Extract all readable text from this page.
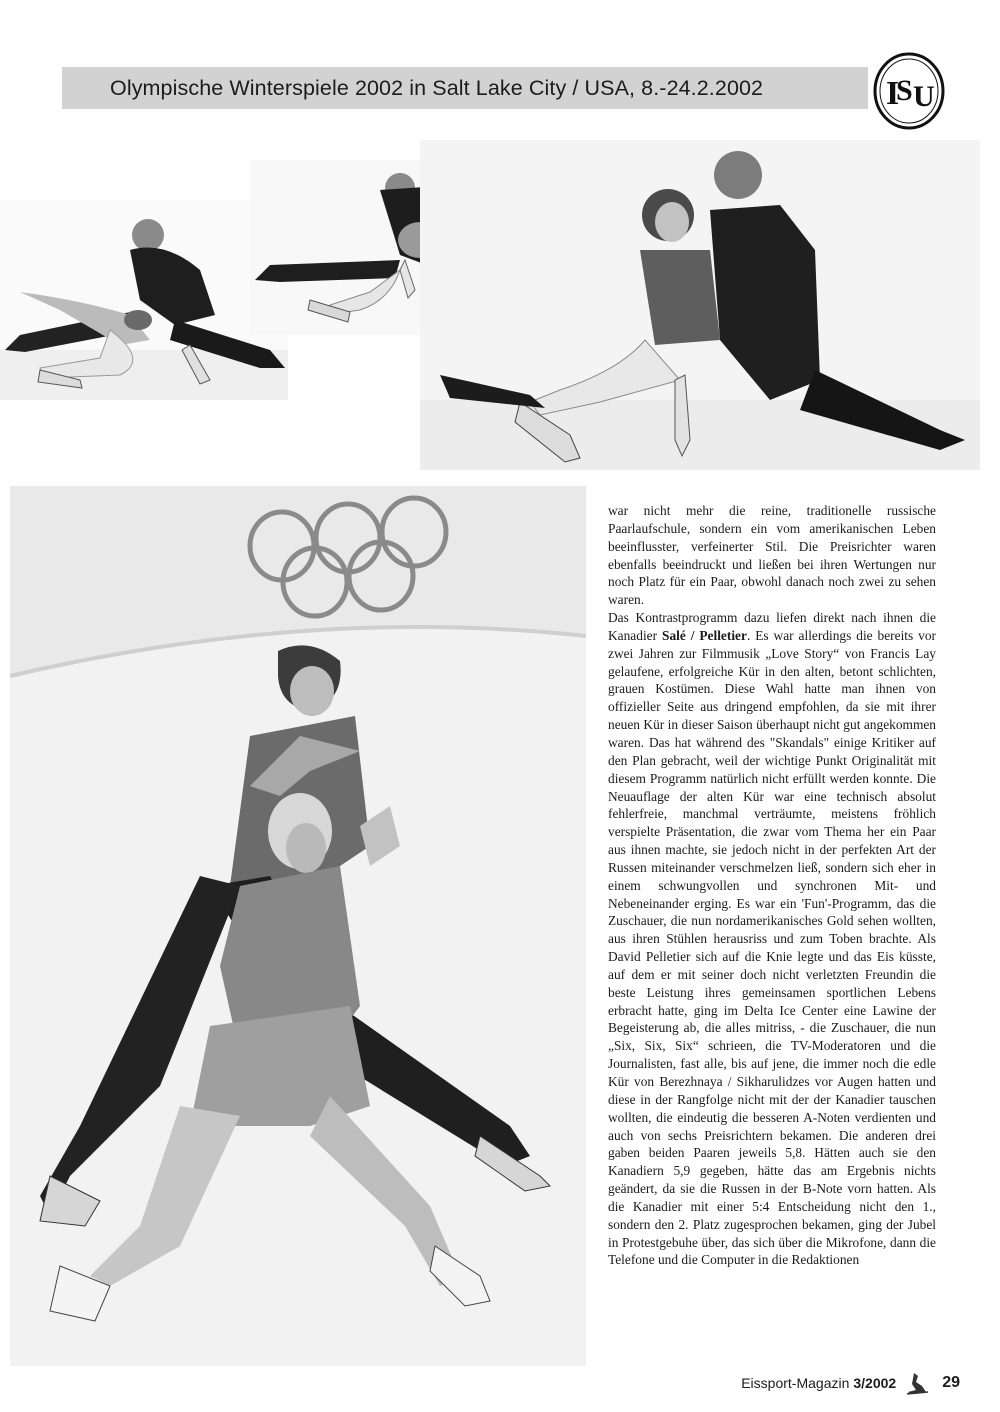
Olympische Winterspiele 2002 in Salt Lake City / USA, 8.-24.2.2002	I
S U

war nicht mehr die reine, traditionelle russische Paarlaufschule, sondern ein vom amerikanischen Leben beeinflusster, verfeinerter Stil. Die Preisrichter waren ebenfalls beeindruckt und ließen bei ihren Wertungen nur noch Platz für ein Paar, obwohl danach noch zwei zu sehen waren.

Das Kontrastprogramm dazu liefen direkt nach ihnen die Kanadier Salé / Pelletier. Es war allerdings die bereits vor zwei Jahren zur Filmmusik „Love Story“ von Francis Lay gelaufene, erfolgreiche Kür in den alten, betont schlichten, grauen Kostümen. Diese Wahl hatte man ihnen von offizieller Seite aus dringend empfohlen, da sie mit ihrer neuen Kür in dieser Saison überhaupt nicht gut angekommen waren. Das hat während des "Skandals" einige Kritiker auf den Plan gebracht, weil der wichtige Punkt Originalität mit diesem Programm natürlich nicht erfüllt werden konnte. Die Neuauflage der alten Kür war eine technisch absolut fehlerfreie, manchmal verträumte, meistens fröhlich verspielte Präsentation, die zwar vom Thema her ein Paar aus ihnen machte, sie jedoch nicht in der perfekten Art der Russen miteinander verschmelzen ließ, sondern sich eher in einem schwungvollen und synchronen Mit- und Nebeneinander erging. Es war ein 'Fun'-Programm, das die Zuschauer, die nun nordamerikanisches Gold sehen wollten, aus ihren Stühlen herausriss und zum Toben brachte. Als David Pelletier sich auf die Knie legte und das Eis küsste, auf dem er mit seiner doch nicht verletzten Freundin die beste Leistung ihres gemeinsamen sportlichen Lebens erbracht hatte, ging im Delta Ice Center eine Lawine der Begeisterung ab, die alles mitriss, - die Zuschauer, die nun „Six, Six, Six“ schrieen, die TV-Moderatoren und die Journalisten, fast alle, bis auf jene, die immer noch die edle Kür von Berezhnaya / Sikharulidzes vor Augen hatten und diese in der Rangfolge nicht mit der der Kanadier tauschen wollten, die eindeutig die besseren A-Noten verdienten und auch von sechs Preisrichtern bekamen. Die anderen drei gaben beiden Paaren jeweils 5,8. Hätten auch sie den Kanadiern 5,9 gegeben, hätte das am Ergebnis nichts geändert, da sie die Russen in der B-Note vorn hatten. Als die Kanadier mit einer 5:4 Entscheidung nicht den 1., sondern den 2. Platz zugesprochen bekamen, ging der Jubel in Protestgebuhe über, das sich über die Mikrofone, dann die Telefone und die Computer in die Redaktionen

Eissport-Magazin 3/2002	29
